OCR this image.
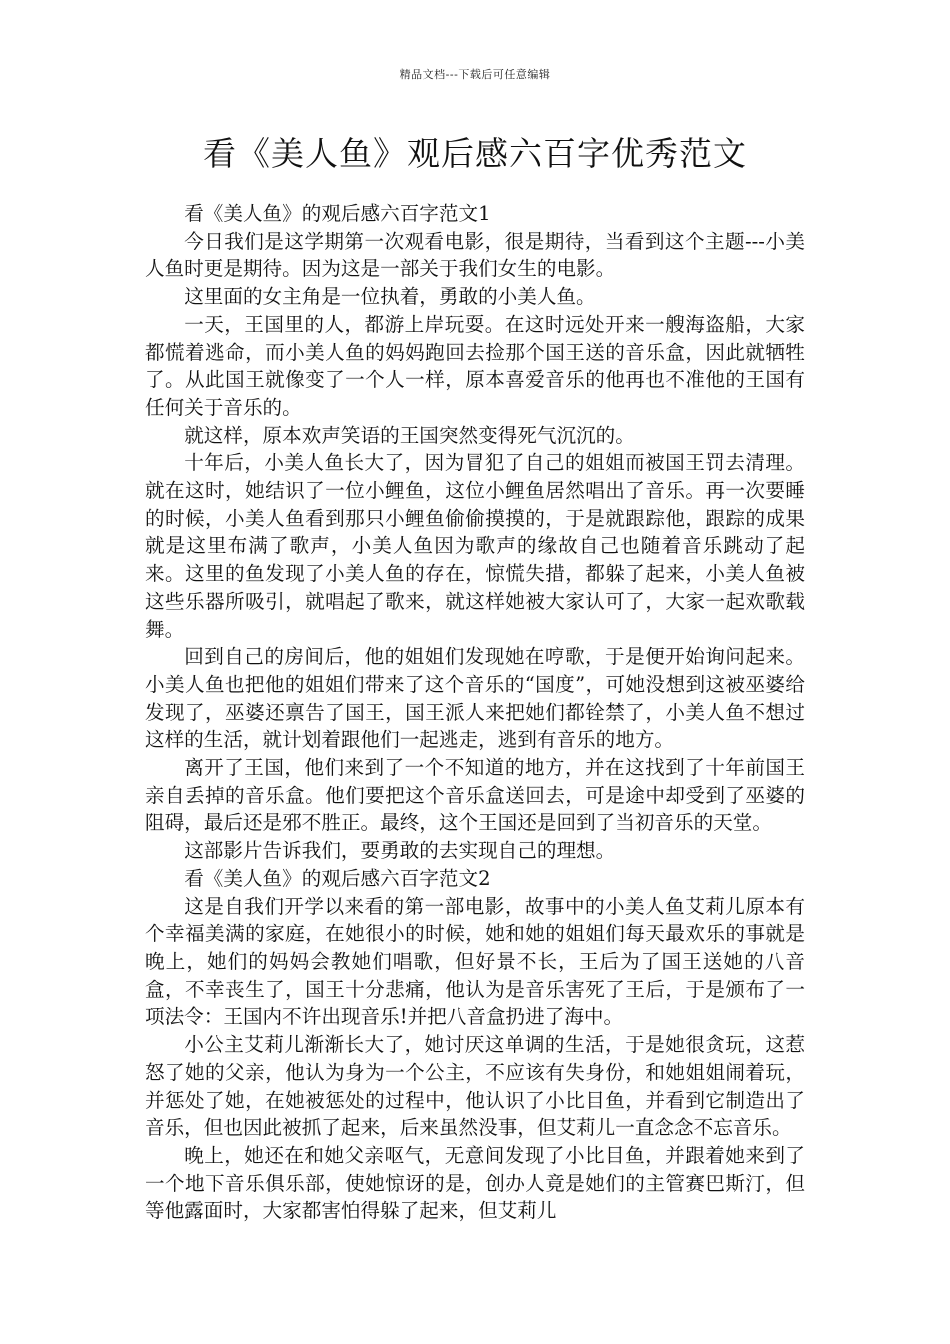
精品文档---下载后可任意编辑
看《美人鱼》观后感六百字优秀范文

看《美人鱼》的观后感六百字范文1

今日我们是这学期第一次观看电影，很是期待，当看到这个主题---小美人鱼时更是期待。因为这是一部关于我们女生的电影。

这里面的女主角是一位执着，勇敢的小美人鱼。

一天，王国里的人，都游上岸玩耍。在这时远处开来一艘海盗船，大家都慌着逃命，而小美人鱼的妈妈跑回去捡那个国王送的音乐盒，因此就牺牲了。从此国王就像变了一个人一样，原本喜爱音乐的他再也不准他的王国有任何关于音乐的。

就这样，原本欢声笑语的王国突然变得死气沉沉的。

十年后，小美人鱼长大了，因为冒犯了自己的姐姐而被国王罚去清理。就在这时，她结识了一位小鲤鱼，这位小鲤鱼居然唱出了音乐。再一次要睡的时候，小美人鱼看到那只小鲤鱼偷偷摸摸的，于是就跟踪他，跟踪的成果就是这里布满了歌声，小美人鱼因为歌声的缘故自己也随着音乐跳动了起来。这里的鱼发现了小美人鱼的存在，惊慌失措，都躲了起来，小美人鱼被这些乐器所吸引，就唱起了歌来，就这样她被大家认可了，大家一起欢歌载舞。

回到自己的房间后，他的姐姐们发现她在哼歌，于是便开始询问起来。小美人鱼也把他的姐姐们带来了这个音乐的“国度”，可她没想到这被巫婆给发现了，巫婆还禀告了国王，国王派人来把她们都铨禁了，小美人鱼不想过这样的生活，就计划着跟他们一起逃走，逃到有音乐的地方。

离开了王国，他们来到了一个不知道的地方，并在这找到了十年前国王亲自丢掉的音乐盒。他们要把这个音乐盒送回去，可是途中却受到了巫婆的阻碍，最后还是邪不胜正。最终，这个王国还是回到了当初音乐的天堂。

这部影片告诉我们，要勇敢的去实现自己的理想。

看《美人鱼》的观后感六百字范文2

这是自我们开学以来看的第一部电影，故事中的小美人鱼艾莉儿原本有个幸福美满的家庭，在她很小的时候，她和她的姐姐们每天最欢乐的事就是晚上，她们的妈妈会教她们唱歌，但好景不长，王后为了国王送她的八音盒，不幸丧生了，国王十分悲痛，他认为是音乐害死了王后，于是颁布了一项法令：王国内不许出现音乐!并把八音盒扔进了海中。

小公主艾莉儿渐渐长大了，她讨厌这单调的生活，于是她很贪玩，这惹怒了她的父亲，他认为身为一个公主，不应该有失身份，和她姐姐闹着玩，并惩处了她，在她被惩处的过程中，他认识了小比目鱼，并看到它制造出了音乐，但也因此被抓了起来，后来虽然没事，但艾莉儿一直念念不忘音乐。

晚上，她还在和她父亲呕气，无意间发现了小比目鱼，并跟着她来到了一个地下音乐俱乐部，使她惊讶的是，创办人竟是她们的主管赛巴斯汀，但等他露面时，大家都害怕得躲了起来，但艾莉儿
